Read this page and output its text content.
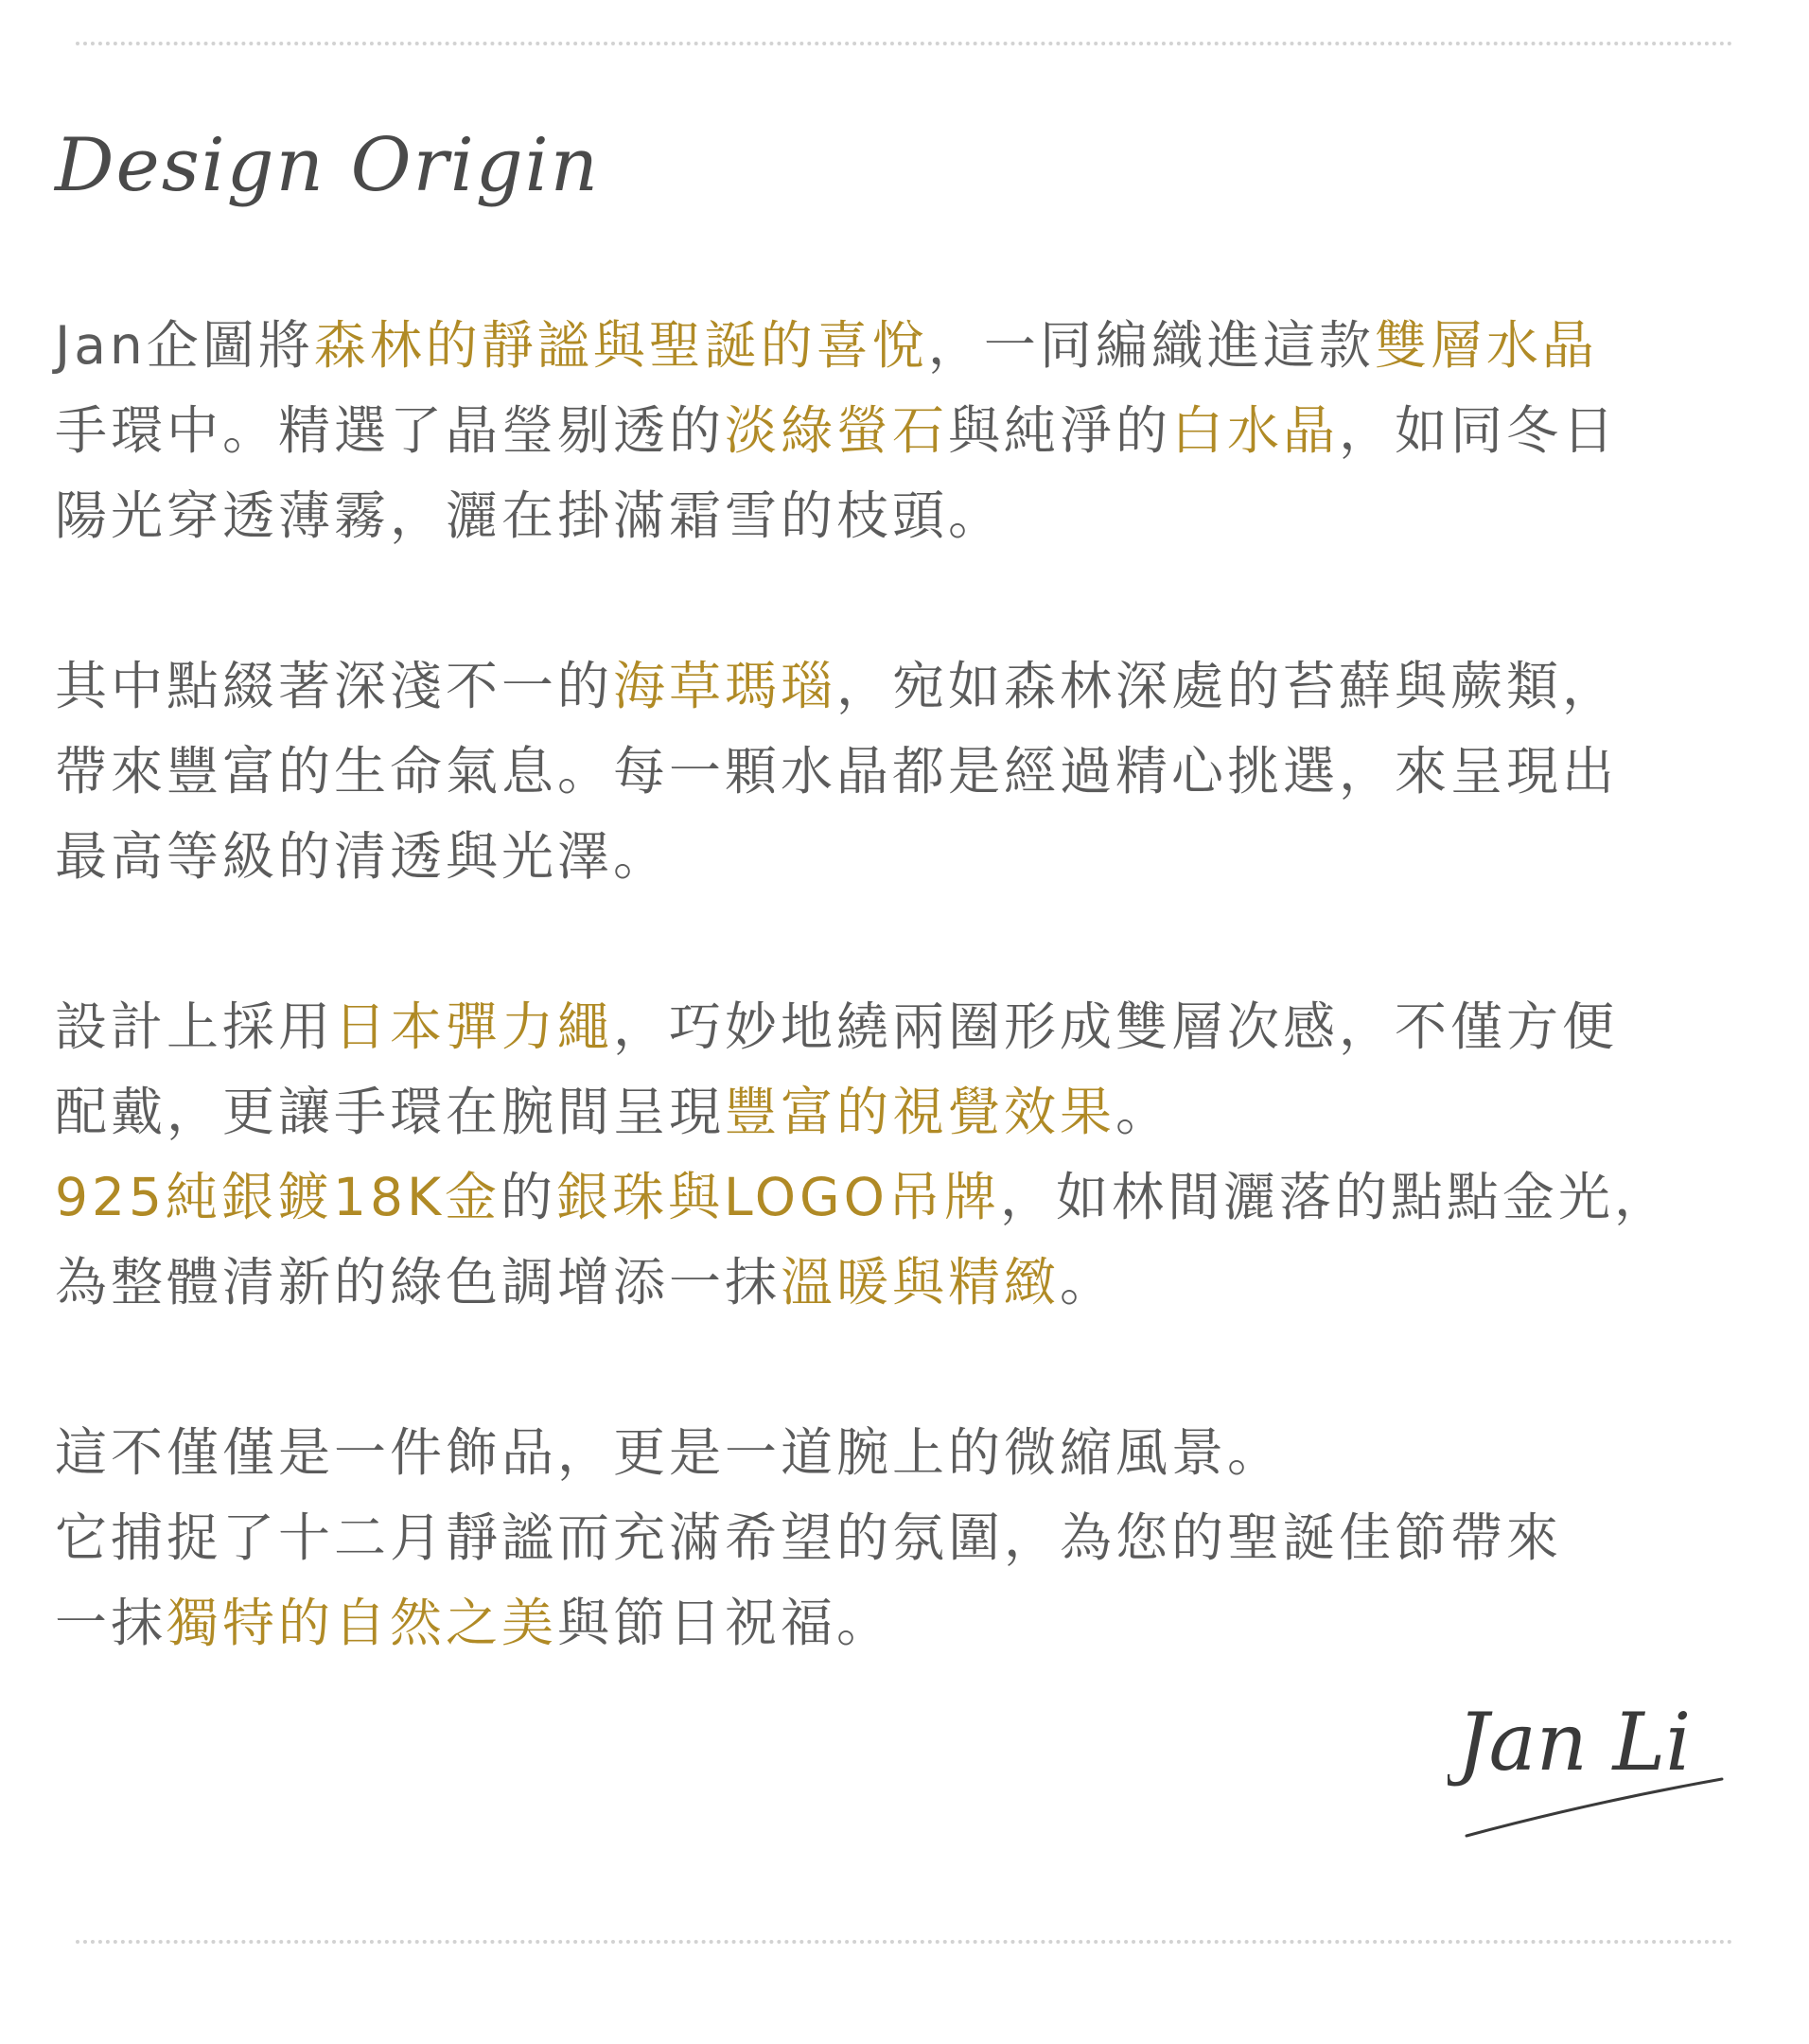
Design Origin
Jan企圖將森林的靜謐與聖誕的喜悅，一同編織進這款雙層水晶
手環中。精選了晶瑩剔透的淡綠螢石與純淨的白水晶，如同冬日
陽光穿透薄霧，灑在掛滿霜雪的枝頭。
其中點綴著深淺不一的海草瑪瑙，宛如森林深處的苔蘚與蕨類，
帶來豐富的生命氣息。每一顆水晶都是經過精心挑選，來呈現出
最高等級的清透與光澤。
設計上採用日本彈力繩，巧妙地繞兩圈形成雙層次感，不僅方便
配戴，更讓手環在腕間呈現豐富的視覺效果。
925純銀鍍18K金的銀珠與LOGO吊牌，如林間灑落的點點金光，
為整體清新的綠色調增添一抹溫暖與精緻。
這不僅僅是一件飾品，更是一道腕上的微縮風景。
它捕捉了十二月靜謐而充滿希望的氛圍，為您的聖誕佳節帶來
一抹獨特的自然之美與節日祝福。
Jan Li
